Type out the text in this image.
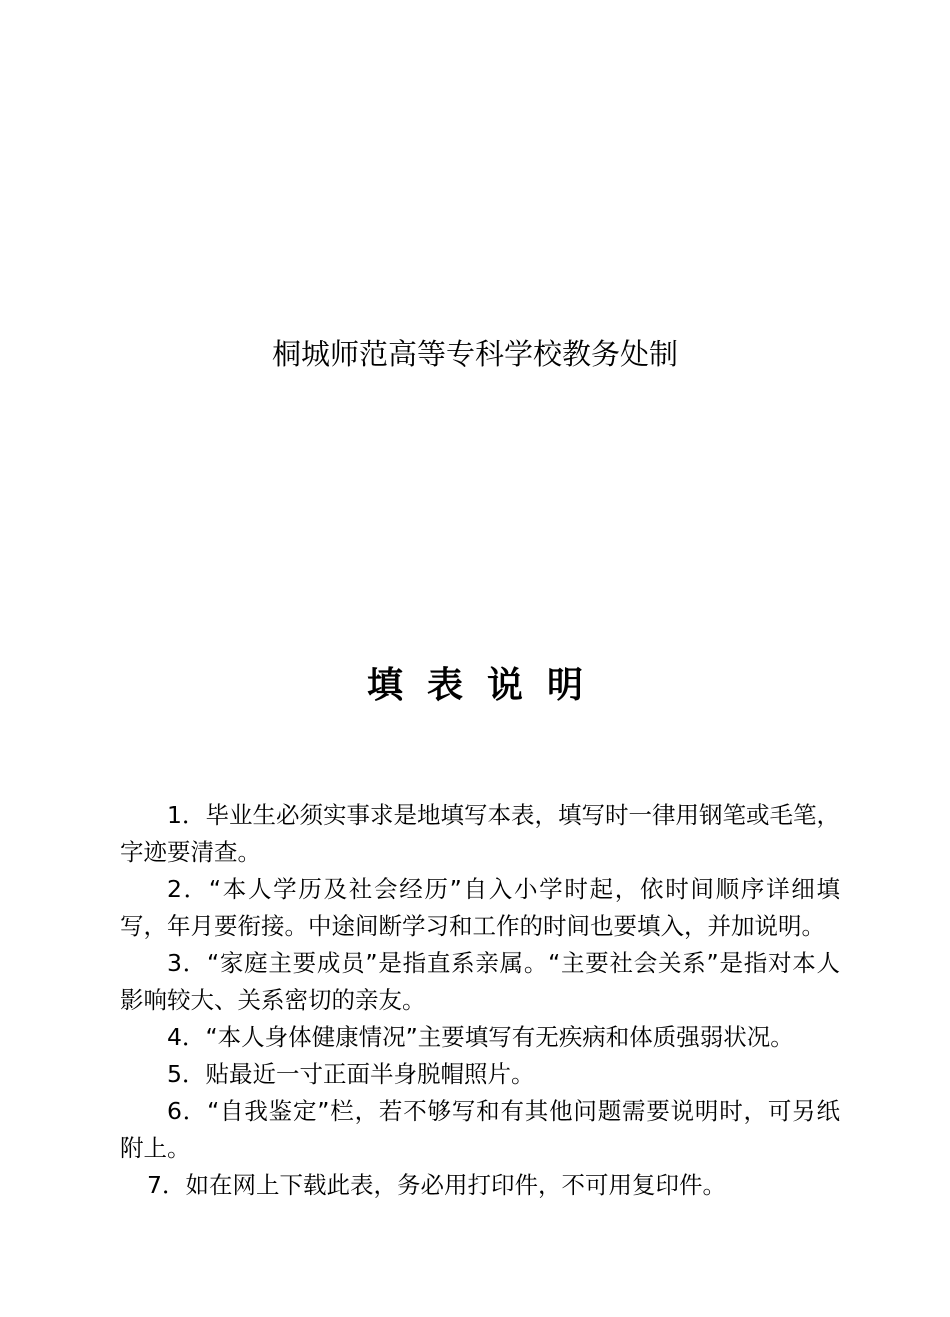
桐城师范高等专科学校教务处制
填表说明

1．毕业生必须实事求是地填写本表，填写时一律用钢笔或毛笔，字迹要清查。

2．“本人学历及社会经历”自入小学时起，依时间顺序详细填写，年月要衔接。中途间断学习和工作的时间也要填入，并加说明。

3．“家庭主要成员”是指直系亲属。“主要社会关系”是指对本人影响较大、关系密切的亲友。

4．“本人身体健康情况”主要填写有无疾病和体质强弱状况。

5．贴最近一寸正面半身脱帽照片。

6．“自我鉴定”栏，若不够写和有其他问题需要说明时，可另纸附上。

7．如在网上下载此表，务必用打印件，不可用复印件。
